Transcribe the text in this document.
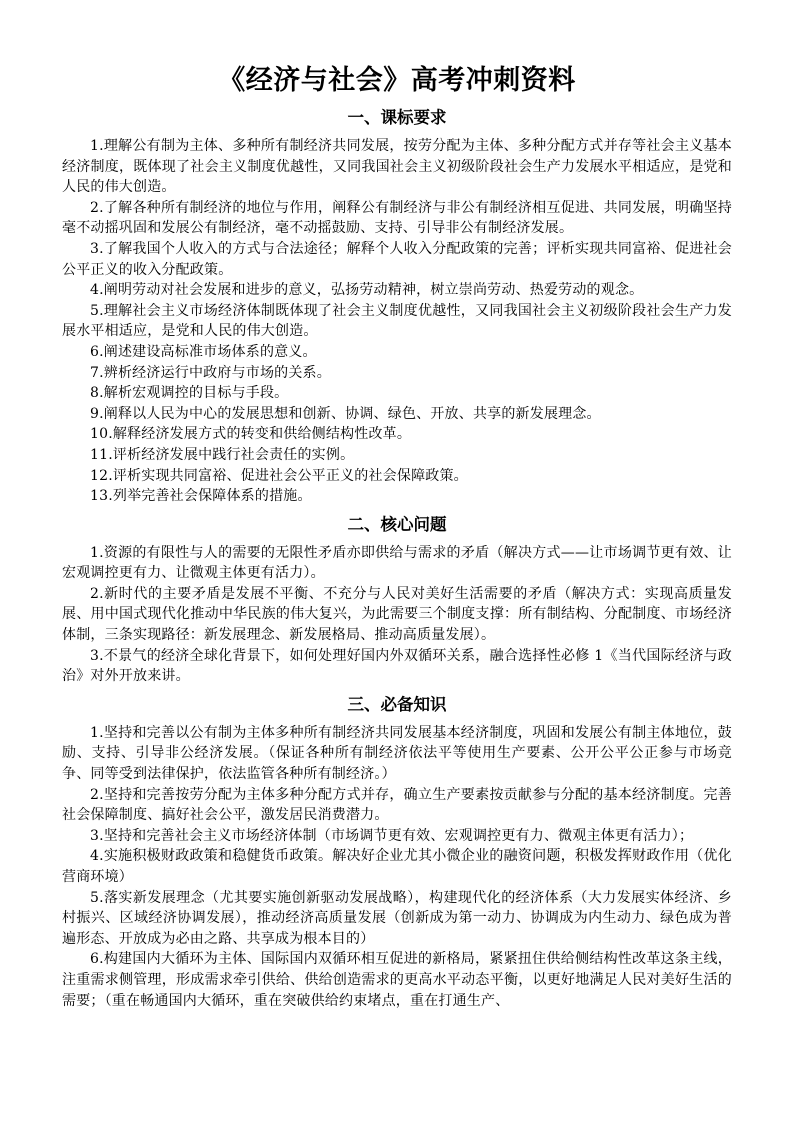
《经济与社会》高考冲刺资料
一、课标要求

1.理解公有制为主体、多种所有制经济共同发展，按劳分配为主体、多种分配方式并存等社会主义基本经济制度，既体现了社会主义制度优越性，又同我国社会主义初级阶段社会生产力发展水平相适应，是党和人民的伟大创造。

2.了解各种所有制经济的地位与作用，阐释公有制经济与非公有制经济相互促进、共同发展，明确坚持毫不动摇巩固和发展公有制经济，毫不动摇鼓励、支持、引导非公有制经济发展。

3.了解我国个人收入的方式与合法途径；解释个人收入分配政策的完善；评析实现共同富裕、促进社会公平正义的收入分配政策。

4.阐明劳动对社会发展和进步的意义，弘扬劳动精神，树立崇尚劳动、热爱劳动的观念。

5.理解社会主义市场经济体制既体现了社会主义制度优越性，又同我国社会主义初级阶段社会生产力发展水平相适应，是党和人民的伟大创造。

6.阐述建设高标准市场体系的意义。

7.辨析经济运行中政府与市场的关系。

8.解析宏观调控的目标与手段。

9.阐释以人民为中心的发展思想和创新、协调、绿色、开放、共享的新发展理念。

10.解释经济发展方式的转变和供给侧结构性改革。

11.评析经济发展中践行社会责任的实例。

12.评析实现共同富裕、促进社会公平正义的社会保障政策。

13.列举完善社会保障体系的措施。

二、核心问题

1.资源的有限性与人的需要的无限性矛盾亦即供给与需求的矛盾（解决方式——让市场调节更有效、让宏观调控更有力、让微观主体更有活力）。

2.新时代的主要矛盾是发展不平衡、不充分与人民对美好生活需要的矛盾（解决方式：实现高质量发展、用中国式现代化推动中华民族的伟大复兴，为此需要三个制度支撑：所有制结构、分配制度、市场经济体制，三条实现路径：新发展理念、新发展格局、推动高质量发展）。

3.不景气的经济全球化背景下，如何处理好国内外双循环关系，融合选择性必修 1《当代国际经济与政治》对外开放来讲。

三、必备知识

1.坚持和完善以公有制为主体多种所有制经济共同发展基本经济制度，巩固和发展公有制主体地位，鼓励、支持、引导非公经济发展。（保证各种所有制经济依法平等使用生产要素、公开公平公正参与市场竞争、同等受到法律保护，依法监管各种所有制经济。）

2.坚持和完善按劳分配为主体多种分配方式并存，确立生产要素按贡献参与分配的基本经济制度。完善社会保障制度、搞好社会公平，激发居民消费潜力。

3.坚持和完善社会主义市场经济体制（市场调节更有效、宏观调控更有力、微观主体更有活力）；

4.实施积极财政政策和稳健货币政策。解决好企业尤其小微企业的融资问题，积极发挥财政作用（优化营商环境）

5.落实新发展理念（尤其要实施创新驱动发展战略），构建现代化的经济体系（大力发展实体经济、乡村振兴、区域经济协调发展），推动经济高质量发展（创新成为第一动力、协调成为内生动力、绿色成为普遍形态、开放成为必由之路、共享成为根本目的）

6.构建国内大循环为主体、国际国内双循环相互促进的新格局，紧紧扭住供给侧结构性改革这条主线，注重需求侧管理，形成需求牵引供给、供给创造需求的更高水平动态平衡，以更好地满足人民对美好生活的需要；（重在畅通国内大循环，重在突破供给约束堵点，重在打通生产、
